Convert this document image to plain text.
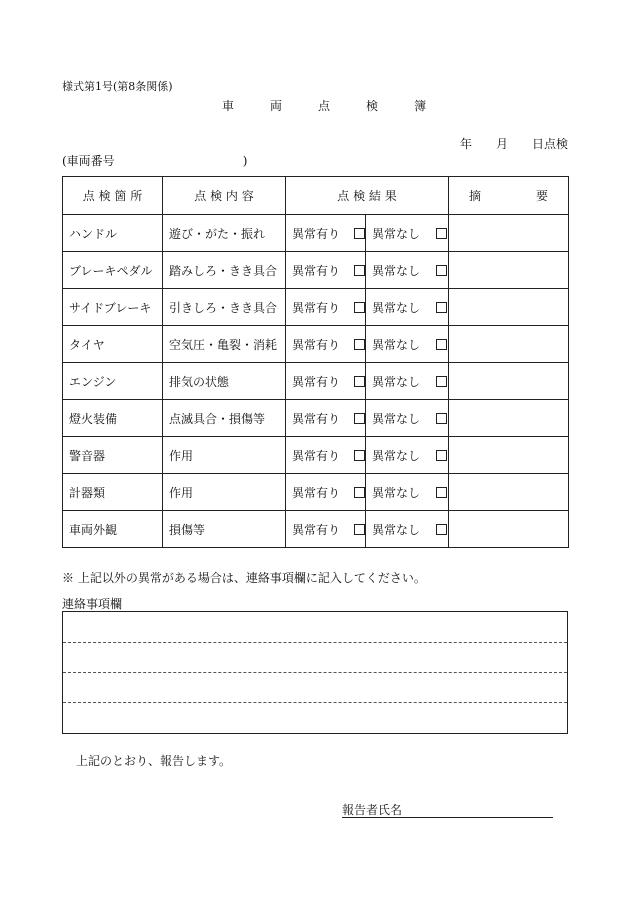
様式第1号(第8条関係)
車	両	点	検	簿
年 月 日点検
(車両番号	)
点 検 箇 所	点 検 内 容	点 検 結 果		摘 要

ハンドル	遊び・がた・振れ	異常有り	異常なし	
ブレーキペダル	踏みしろ・きき具合	異常有り	異常なし	
サイドブレーキ	引きしろ・きき具合	異常有り	異常なし	
タイヤ	空気圧・亀裂・消耗	異常有り	異常なし	
エンジン	排気の状態	異常有り	異常なし	
燈火装備	点滅具合・損傷等	異常有り	異常なし	
警音器	作用	異常有り	異常なし	
計器類	作用	異常有り	異常なし	
車両外観	損傷等	異常有り	異常なし	
※ 上記以外の異常がある場合は、連絡事項欄に記入してください。
連絡事項欄
上記のとおり、報告します。
報告者氏名
